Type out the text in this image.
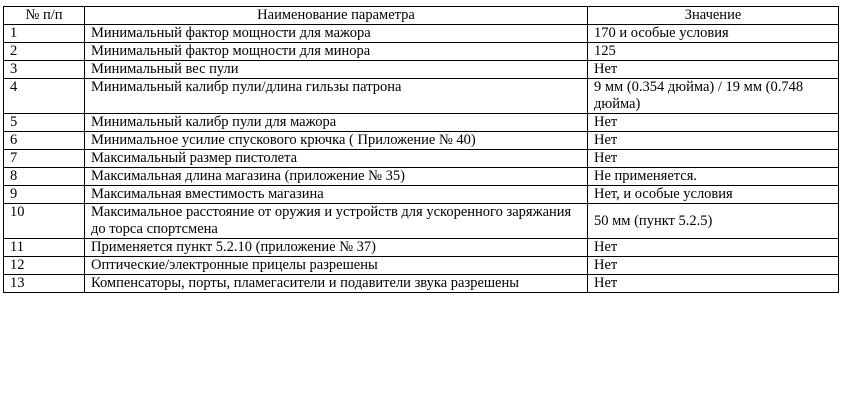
№ п/п	Наименование параметра	Значение
1	Минимальный фактор мощности для мажора	170 и особые условия
2	Минимальный фактор мощности для минора	125
3	Минимальный вес пули	Нет
4	Минимальный калибр пули/длина гильзы патрона	9 мм (0.354 дюйма) / 19 мм (0.748 дюйма)
5	Минимальный калибр пули для мажора	Нет
6	Минимальное усилие спускового крючка ( Приложение № 40)	Нет
7	Максимальный размер пистолета	Нет
8	Максимальная длина магазина (приложение № 35)	Не применяется.
9	Максимальная вместимость магазина	Нет, и особые условия
10	Максимальное расстояние от оружия и устройств для ускоренного заряжания до торса спортсмена	50 мм (пункт 5.2.5)
11	Применяется пункт 5.2.10 (приложение № 37)	Нет
12	Оптические/электронные прицелы разрешены	Нет
13	Компенсаторы, порты, пламегасители и подавители звука разрешены	Нет
